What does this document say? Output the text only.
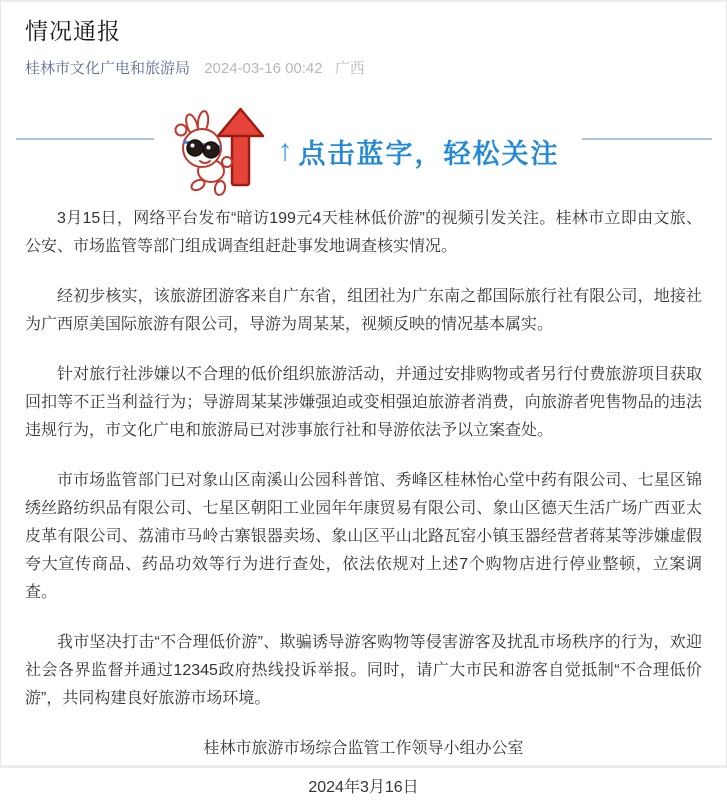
情况通报
桂林市文化广电和旅游局 2024-03-16 00:42 广西
↑ 点击蓝字，轻松关注

3月15日，网络平台发布“暗访199元4天桂林低价游”的视频引发关注。桂林市立即由文旅、公安、市场监管等部门组成调查组赶赴事发地调查核实情况。

经初步核实，该旅游团游客来自广东省，组团社为广东南之都国际旅行社有限公司，地接社为广西原美国际旅游有限公司，导游为周某某，视频反映的情况基本属实。

针对旅行社涉嫌以不合理的低价组织旅游活动，并通过安排购物或者另行付费旅游项目获取回扣等不正当利益行为；导游周某某涉嫌强迫或变相强迫旅游者消费，向旅游者兜售物品的违法违规行为，市文化广电和旅游局已对涉事旅行社和导游依法予以立案查处。

市市场监管部门已对象山区南溪山公园科普馆、秀峰区桂林怡心堂中药有限公司、七星区锦绣丝路纺织品有限公司、七星区朝阳工业园年年康贸易有限公司、象山区德天生活广场广西亚太皮革有限公司、荔浦市马岭古寨银器卖场、象山区平山北路瓦窑小镇玉器经营者蒋某等涉嫌虚假夸大宣传商品、药品功效等行为进行查处，依法依规对上述7个购物店进行停业整顿，立案调查。

我市坚决打击“不合理低价游”、欺骗诱导游客购物等侵害游客及扰乱市场秩序的行为，欢迎社会各界监督并通过12345政府热线投诉举报。同时，请广大市民和游客自觉抵制“不合理低价游”，共同构建良好旅游市场环境。

桂林市旅游市场综合监管工作领导小组办公室
2024年3月16日
